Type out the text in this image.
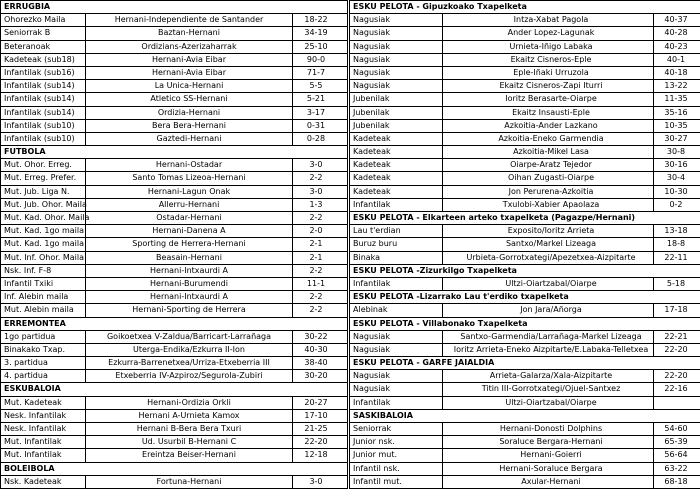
ERRUGBIA
Ohorezko Maila	Hernani-Independiente de Santander	18-22
Seniorrak B	Baztan-Hernani	34-19
Beteranoak	Ordizians-Azerizaharrak	25-10
Kadeteak (sub18)	Hernani-Avia Eibar	90-0
Infantilak (sub16)	Hernani-Avia Eibar	71-7
Infantilak (sub14)	La Unica-Hernani	5-5
Infantilak (sub14)	Atletico SS-Hernani	5-21
Infantilak (sub14)	Ordizia-Hernani	3-17
Infantilak (sub10)	Bera Bera-Hernani	0-31
Infantilak (sub10)	Gaztedi-Hernani	0-28
FUTBOLA
Mut. Ohor. Erreg.	Hernani-Ostadar	3-0
Mut. Erreg. Prefer.	Santo Tomas Lizeoa-Hernani	2-2
Mut. Jub. Liga N.	Hernani-Lagun Onak	3-0
Mut. Jub. Ohor. Maila	Allerru-Hernani	1-3
Mut. Kad. Ohor. Maila	Ostadar-Hernani	2-2
Mut. Kad. 1go maila	Hernani-Danena A	2-0
Mut. Kad. 1go maila	Sporting de Herrera-Hernani	2-1
Mut. Inf. Ohor. Maila	Beasain-Hernani	2-1
Nsk. Inf. F-8	Hernani-Intxaurdi A	2-2
Infantil Txiki	Hernani-Burumendi	11-1
Inf. Alebin maila	Hernani-Intxaurdi A	2-2
Mut. Alebin maila	Hernani-Sporting de Herrera	2-2
ERREMONTEA
1go partidua	Goikoetxea V-Zaldua/Barricart-Larrañaga	30-22
Binakako Txap.	Uterga-Endika/Ezkurra II-Ion	40-30
3. partidua	Ezkurra-Barrenetxea/Urriza-Etxeberria III	38-40
4. partidua	Etxeberria IV-Azpiroz/Segurola-Zubiri	30-20
ESKUBALOIA
Mut. Kadeteak	Hernani-Ordizia Orkli	20-27
Nesk. Infantilak	Hernani A-Urnieta Kamox	17-10
Nesk. Infantilak	Hernani B-Bera Bera Txuri	21-25
Mut. Infantilak	Ud. Usurbil B-Hernani C	22-20
Mut. Infantilak	Ereintza Beiser-Hernani	12-18
BOLEIBOLA
Nsk. Kadeteak	Fortuna-Hernani	3-0
ESKU PELOTA - Gipuzkoako Txapelketa
Nagusiak	Intza-Xabat Pagola	40-37
Nagusiak	Ander Lopez-Lagunak	40-28
Nagusiak	Urnieta-Iñigo Labaka	40-23
Nagusiak	Ekaitz Cisneros-Eple	40-1
Nagusiak	Eple-Iñaki Urruzola	40-18
Nagusiak	Ekaitz Cisneros-Zapi Iturri	13-22
Jubenilak	Ioritz Berasarte-Oiarpe	11-35
Jubenilak	Ekaitz Insausti-Eple	35-16
Jubenilak	Azkoitia-Ander Lazkano	10-35
Kadeteak	Azkoitia-Eneko Garmendia	30-27
Kadeteak	Azkoitia-Mikel Lasa	30-8
Kadeteak	Oiarpe-Aratz Tejedor	30-16
Kadeteak	Oihan Zugasti-Oiarpe	30-4
Kadeteak	Jon Perurena-Azkoitia	10-30
Infantilak	Txulobi-Xabier Apaolaza	0-2
ESKU PELOTA - Elkarteen arteko txapelketa (Pagazpe/Hernani)
Lau t'erdian	Exposito/Ioritz Arrieta	13-18
Buruz buru	Santxo/Markel Lizeaga	18-8
Binaka	Urbieta-Gorrotxategi/Apezetxea-Aizpitarte	22-11
ESKU PELOTA -Zizurkilgo Txapelketa
Infantilak	Ultzi-Oiartzabal/Oiarpe	5-18
ESKU PELOTA -Lizarrako Lau t'erdiko txapelketa
Alebinak	Jon Jara/Añorga	17-18
ESKU PELOTA - Villabonako Txapelketa
Nagusiak	Santxo-Garmendia/Larrañaga-Markel Lizeaga	22-21
Nagusiak	Ioritz Arrieta-Eneko Aizpitarte/E.Labaka-Telletxea	22-20
ESKU PELOTA - GARFE JAIALDIA
Nagusiak	Arrieta-Galarza/Xala-Aizpitarte	22-20
Nagusiak	Titin III-Gorrotxategi/Ojuel-Santxez	22-16
Infantilak	Ultzi-Oiartzabal/Oiarpe
SASKIBALOIA
Seniorrak	Hernani-Donosti Dolphins	54-60
Junior nsk.	Soraluce Bergara-Hernani	65-39
Junior mut.	Hernani-Goierri	56-64
Infantil nsk.	Hernani-Soraluce Bergara	63-22
Infantil mut.	Axular-Hernani	68-18
